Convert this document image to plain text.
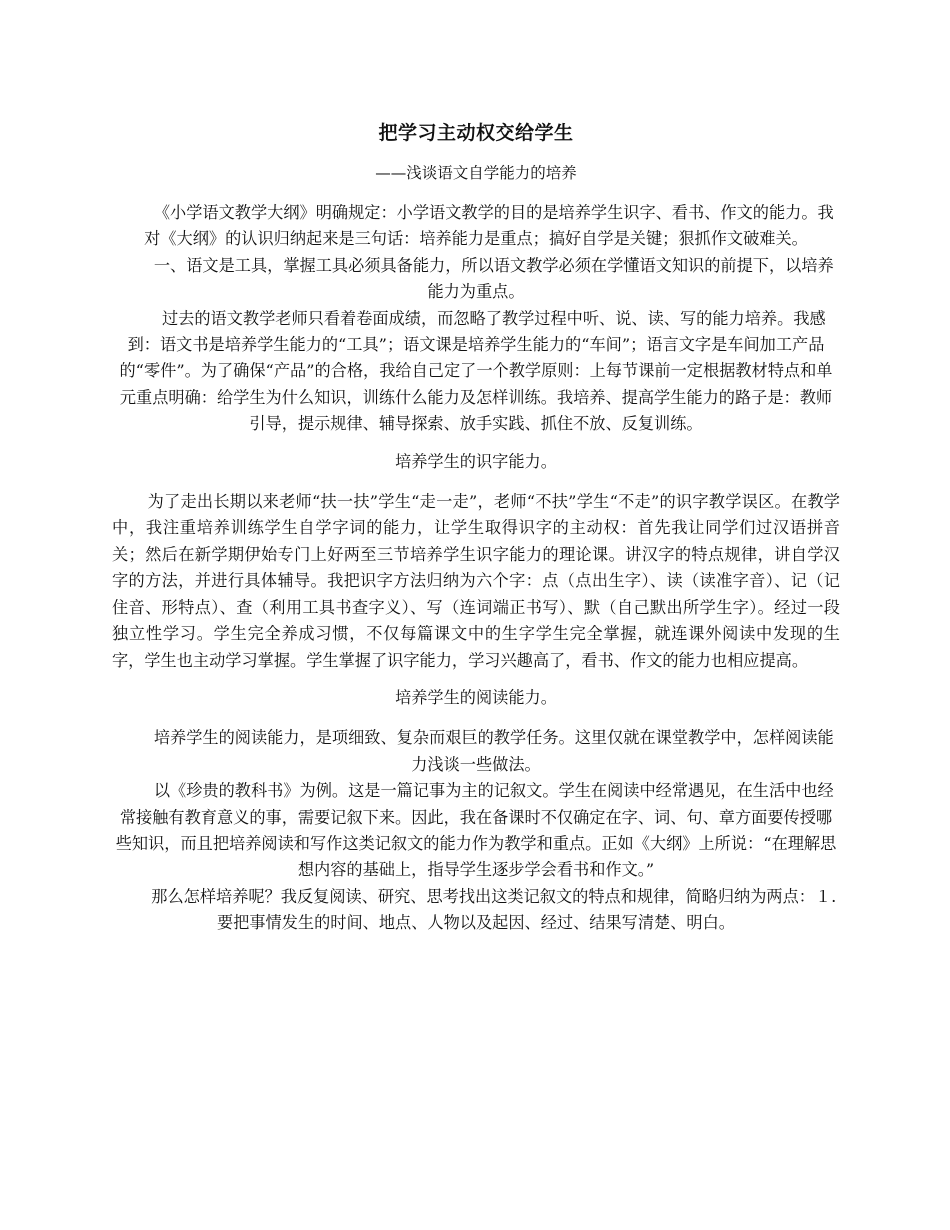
把学习主动权交给学生
——浅谈语文自学能力的培养

《小学语文教学大纲》明确规定：小学语文教学的目的是培养学生识字、看书、作文的能力。我对《大纲》的认识归纳起来是三句话：培养能力是重点；搞好自学是关键；狠抓作文破难关。

一、语文是工具，掌握工具必须具备能力，所以语文教学必须在学懂语文知识的前提下，以培养能力为重点。

过去的语文教学老师只看着卷面成绩，而忽略了教学过程中听、说、读、写的能力培养。我感到：语文书是培养学生能力的“工具”；语文课是培养学生能力的“车间”；语言文字是车间加工产品的“零件”。为了确保“产品”的合格，我给自己定了一个教学原则：上每节课前一定根据教材特点和单元重点明确：给学生为什么知识，训练什么能力及怎样训练。我培养、提高学生能力的路子是：教师引导，提示规律、辅导探索、放手实践、抓住不放、反复训练。

培养学生的识字能力。

为了走出长期以来老师“扶一扶”学生“走一走”，老师“不扶”学生“不走”的识字教学误区。在教学中，我注重培养训练学生自学字词的能力，让学生取得识字的主动权：首先我让同学们过汉语拼音关；然后在新学期伊始专门上好两至三节培养学生识字能力的理论课。讲汉字的特点规律，讲自学汉字的方法，并进行具体辅导。我把识字方法归纳为六个字：点（点出生字）、读（读准字音）、记（记住音、形特点）、查（利用工具书查字义）、写（连词端正书写）、默（自己默出所学生字）。经过一段独立性学习。学生完全养成习惯，不仅每篇课文中的生字学生完全掌握，就连课外阅读中发现的生字，学生也主动学习掌握。学生掌握了识字能力，学习兴趣高了，看书、作文的能力也相应提高。

培养学生的阅读能力。

培养学生的阅读能力，是项细致、复杂而艰巨的教学任务。这里仅就在课堂教学中，怎样阅读能力浅谈一些做法。

以《珍贵的教科书》为例。这是一篇记事为主的记叙文。学生在阅读中经常遇见，在生活中也经常接触有教育意义的事，需要记叙下来。因此，我在备课时不仅确定在字、词、句、章方面要传授哪些知识，而且把培养阅读和写作这类记叙文的能力作为教学和重点。正如《大纲》上所说：“在理解思想内容的基础上，指导学生逐步学会看书和作文。”

那么怎样培养呢？我反复阅读、研究、思考找出这类记叙文的特点和规律，简略归纳为两点：１.要把事情发生的时间、地点、人物以及起因、经过、结果写清楚、明白。
